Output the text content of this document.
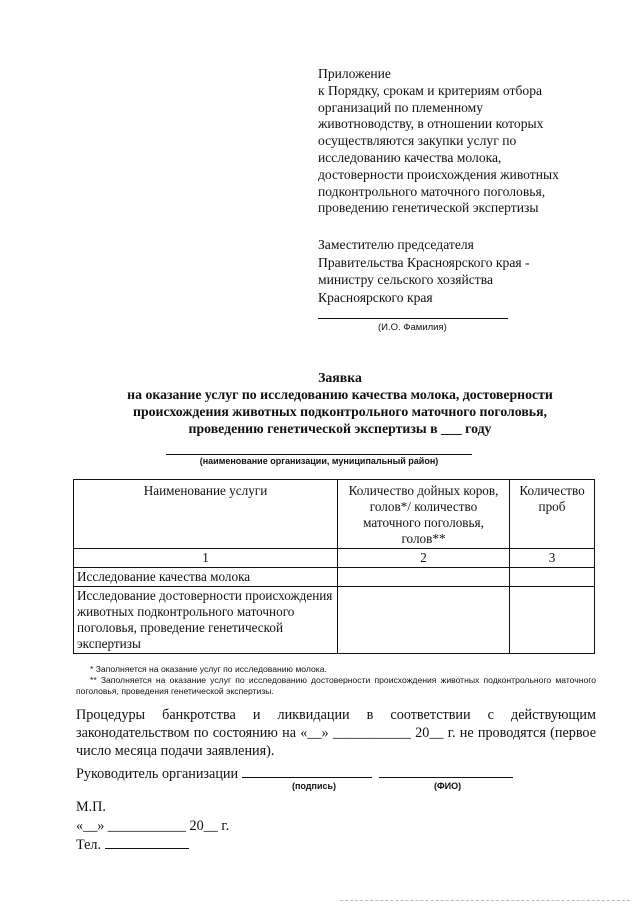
Приложение
к Порядку, срокам и критериям отбора
организаций по племенному
животноводству, в отношении которых
осуществляются закупки услуг по
исследованию качества молока,
достоверности происхождения животных
подконтрольного маточного поголовья,
проведению генетической экспертизы
Заместителю председателя
Правительства Красноярского края -
министру сельского хозяйства
Красноярского края
(И.О. Фамилия)
Заявка
на оказание услуг по исследованию качества молока, достоверности
происхождения животных подконтрольного маточного поголовья,
проведению генетической экспертизы в ___ году
(наименование организации, муниципальный район)
Наименование услуги	Количество дойных коров, голов*/ количество маточного поголовья, голов**	Количество проб
1	2	3
Исследование качества молока		
Исследование достоверности происхождения животных подконтрольного маточного поголовья, проведение генетической экспертизы		
* Заполняется на оказание услуг по исследованию молока.
** Заполняется на оказание услуг по исследованию достоверности происхождения животных подконтрольного маточного поголовья, проведения генетической экспертизы.
Процедуры банкротства и ликвидации в соответствии с действующим законодательством по состоянию на «__» ___________ 20__ г. не проводятся (первое число месяца подачи заявления).
Руководитель организации
(подпись)	(ФИО)
М.П.
«__» ___________ 20__ г.
Тел.
